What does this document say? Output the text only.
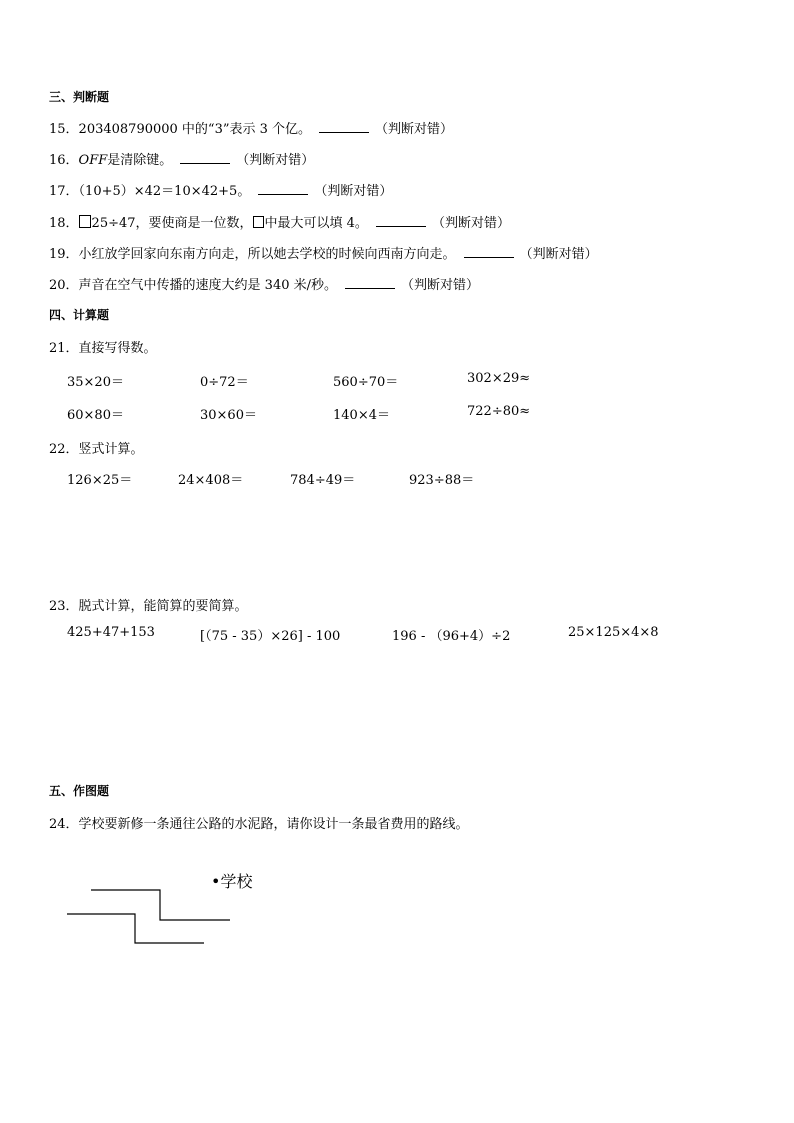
三、判断题
15．203408790000 中的“3”表示 3 个亿。	（判断对错）
16．OFF是清除键。	（判断对错）
17．（10+5）×42＝10×42+5。	（判断对错）
18． 25÷47，要使商是一位数， 中最大可以填 4。	（判断对错）
19．小红放学回家向东南方向走，所以她去学校的时候向西南方向走。	（判断对错）
20．声音在空气中传播的速度大约是 340 米/秒。	（判断对错）
四、计算题
21．直接写得数。
35×20＝	0÷72＝	560÷70＝	302×29≈
60×80＝	30×60＝	140×4＝	722÷80≈
22．竖式计算。
126×25＝	24×408＝	784÷49＝	923÷88＝
23．脱式计算，能简算的要简算。
425+47+153	[（75 - 35）×26] - 100	196 - （96+4）÷2	25×125×4×8
五、作图题
24．学校要新修一条通往公路的水泥路，请你设计一条最省费用的路线。
•学校
